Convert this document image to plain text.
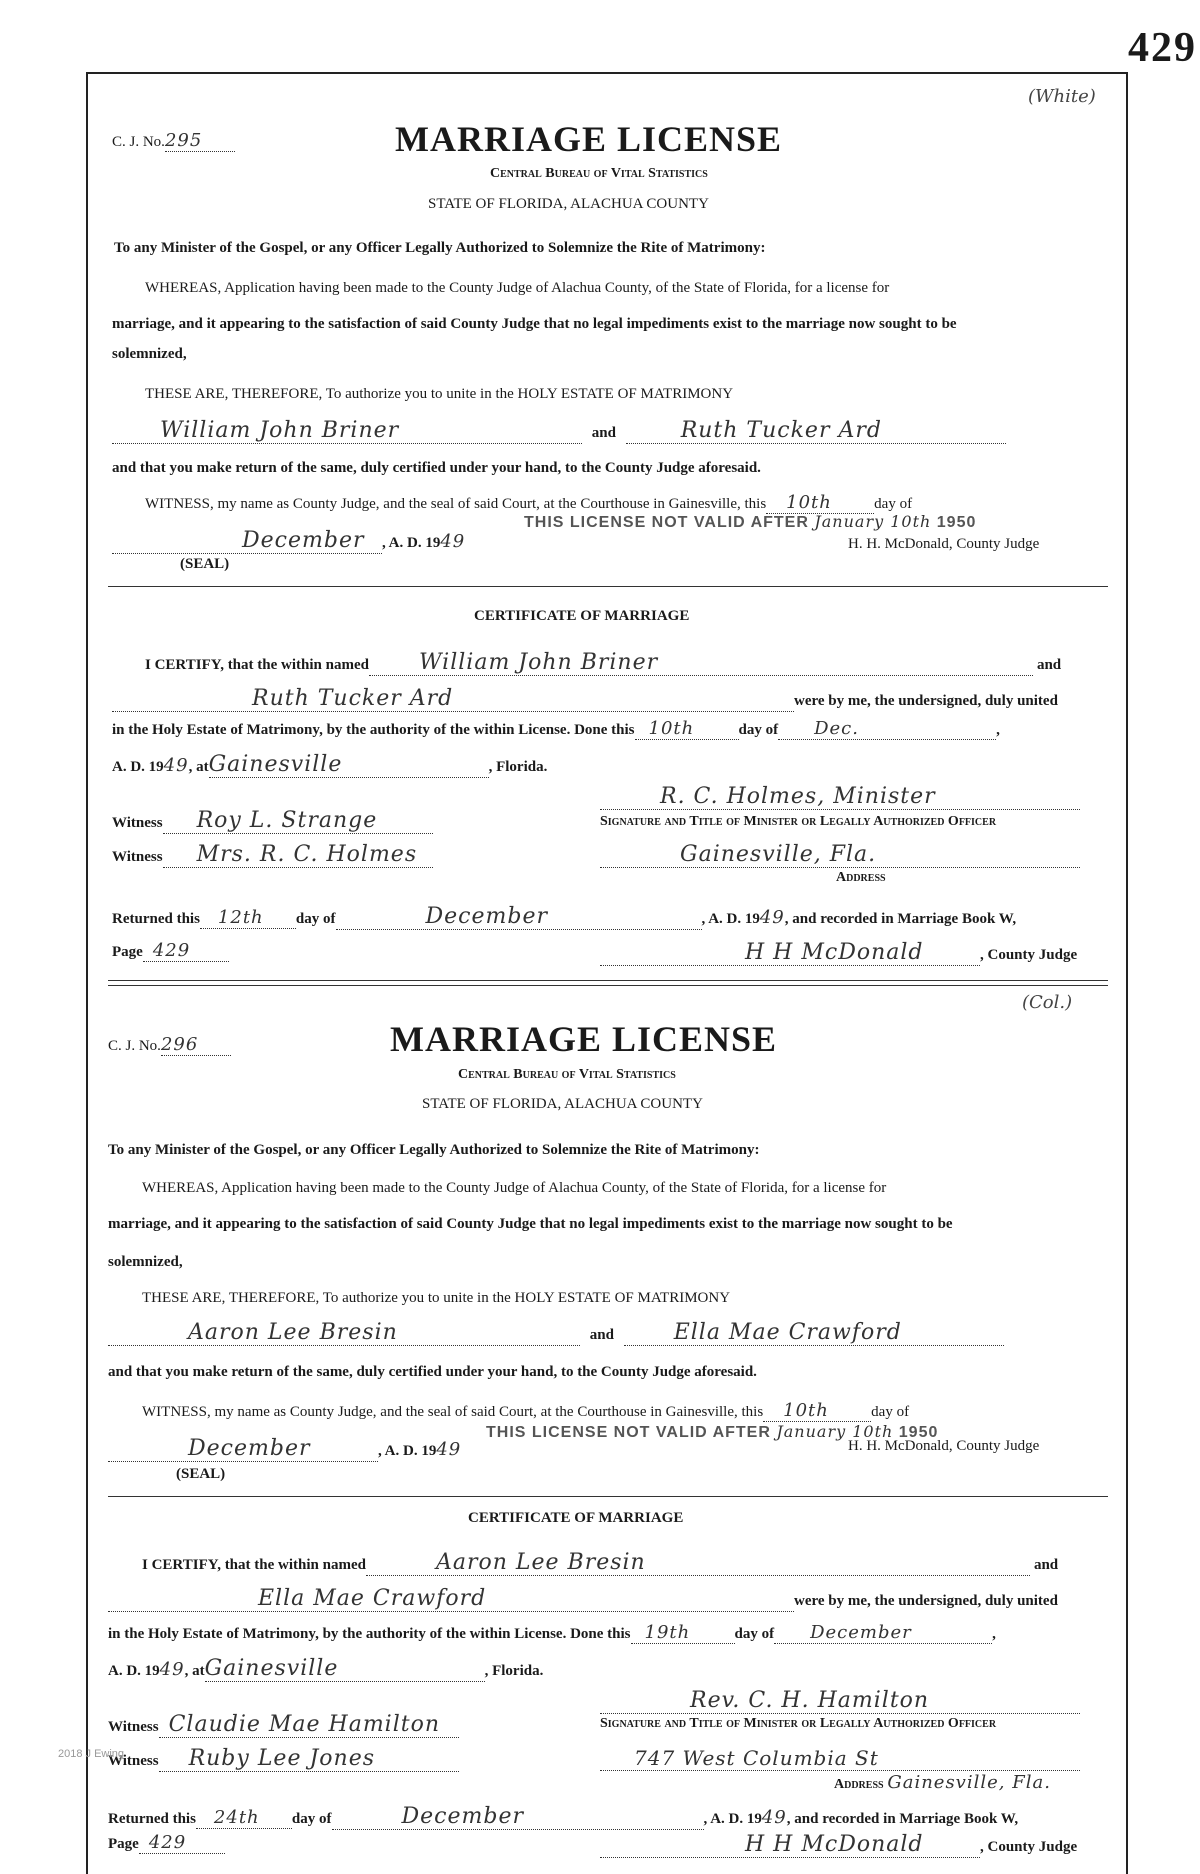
429
(White)
C. J. No.295	MARRIAGE LICENSE
Central Bureau of Vital Statistics
STATE OF FLORIDA, ALACHUA COUNTY
To any Minister of the Gospel, or any Officer Legally Authorized to Solemnize the Rite of Matrimony:
WHEREAS, Application having been made to the County Judge of Alachua County, of the State of Florida, for a license for
marriage, and it appearing to the satisfaction of said County Judge that no legal impediments exist to the marriage now sought to be
solemnized,
THESE ARE, THEREFORE, To authorize you to unite in the HOLY ESTATE OF MATRIMONY
William John Briner	and	Ruth Tucker Ard
and that you make return of the same, duly certified under your hand, to the County Judge aforesaid.
WITNESS, my name as County Judge, and the seal of said Court, at the Courthouse in Gainesville, this 10th	day of
December , A. D. 1949
THIS LICENSE NOT VALID AFTER January 10th 1950
H. H. McDonald, County Judge
(SEAL)
CERTIFICATE OF MARRIAGE
I CERTIFY, that the within named William John Briner	and
Ruth Tucker Ard	were by me, the undersigned, duly united
in the Holy Estate of Matrimony, by the authority of the within License. Done this 10th	day of Dec.	,
A. D. 1949, atGainesville	, Florida.
R. C. Holmes, Minister
Witness Roy L. Strange	Signature and Title of Minister or Legally Authorized Officer
Witness Mrs. R. C. Holmes	Gainesville, Fla.
Address
Returned this 12th day of	December	, A. D. 1949, and recorded in Marriage Book W,
Page 429	H H McDonald	, County Judge
(Col.)
C. J. No.296	MARRIAGE LICENSE
Central Bureau of Vital Statistics
STATE OF FLORIDA, ALACHUA COUNTY
To any Minister of the Gospel, or any Officer Legally Authorized to Solemnize the Rite of Matrimony:
WHEREAS, Application having been made to the County Judge of Alachua County, of the State of Florida, for a license for
marriage, and it appearing to the satisfaction of said County Judge that no legal impediments exist to the marriage now sought to be
solemnized,
THESE ARE, THEREFORE, To authorize you to unite in the HOLY ESTATE OF MATRIMONY
Aaron Lee Bresin	and	Ella Mae Crawford
and that you make return of the same, duly certified under your hand, to the County Judge aforesaid.
WITNESS, my name as County Judge, and the seal of said Court, at the Courthouse in Gainesville, this 10th	day of
December	, A. D. 1949
THIS LICENSE NOT VALID AFTER January 10th 1950
H. H. McDonald, County Judge
(SEAL)
CERTIFICATE OF MARRIAGE
I CERTIFY, that the within named	Aaron Lee Bresin	and
Ella Mae Crawford	were by me, the undersigned, duly united
in the Holy Estate of Matrimony, by the authority of the within License. Done this 19th	day of December	,
A. D. 1949, atGainesville	, Florida.
Rev. C. H. Hamilton
Witness Claudie Mae Hamilton	Signature and Title of Minister or Legally Authorized Officer
Witness Ruby Lee Jones	747 West Columbia St
Address Gainesville, Fla.
Returned this 24th day of	December	, A. D. 1949, and recorded in Marriage Book W,
Page 429	H H McDonald	, County Judge
2018 J Ewing
